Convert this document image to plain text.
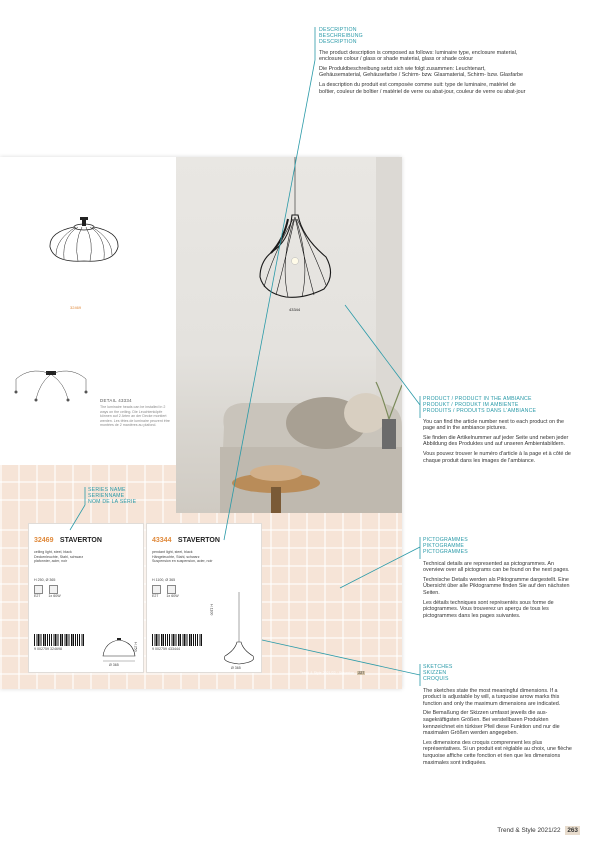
DESCRIPTION
BESCHREIBUNG
DESCRIPTION

The product description is composed as follows: luminaire type, enclosure material, enclosure colour / glass or shade material, glass or shade colour

Die Produktbeschreibung setzt sich wie folgt zusammen: Leuchtenart, Gehäusematerial, Gehäusefarbe / Schirm- bzw. Glasmaterial, Schirm- bzw. Glasfarbe

La description du produit est composée comme suit: type de luminaire, matériel de boîtier, couleur de boîtier / matériel de verre ou abat-jour, couleur de verre ou abat-jour

32469
DETAIL 43334
The luminaire heads can be installed in 2 ways on the ceiling. Die Leuchtenköpfe können auf 2 Arten an der Decke montiert werden. Les têtes de luminaire peuvent être montées de 2 manières au plafond.
43344
32469 STAVERTON
ceiling light, steel, black
Deckenleuchte, Stahl, schwarz
plafonnier, acier, noir
H 250, Ø 365
E27 1x 60W
9 002759 324698
Ø 365
H 250
43344 STAVERTON
pendant light, steel, black
Hängeleuchte, Stahl, schwarz
Suspension en suspension, acier, noir
H 1100, Ø 365
E27 1x 60W
9 002759 433444
Ø 365
H 1100
Trend & Style 2021/22 · Staverton 227
SERIES NAME
SERIENNAME
NOM DE LA SÉRIE
PRODUCT / PRODUCT IN THE AMBIANCE
PRODUKT / PRODUKT IM AMBIENTE
PRODUITS / PRODUITS DANS L'AMBIANCE

You can find the article number next to each product on the page and in the ambiance pictures.

Sie finden die Artikelnummer auf jeder Seite und neben jeder Abbildung des Produktes und auf unseren Ambientabildern.

Vous pouvez trouver le numéro d'article à la page et à côté de chaque produit dans les images de l'ambiance.

PICTOGRAMMES
PIKTOGRAMME
PICTOGRAMMES

Technical details are represented as pictogrammes. An overview over all pictograms can be found on the next pages.

Technische Details werden als Piktogramme dargestellt. Eine Übersicht über alle Piktogramme finden Sie auf den nächsten Seiten.

Les détails techniques sont représentés sous forme de pictogrammes. Vous trouverez un aperçu de tous les pictogrammes dans les pages suivantes.

SKETCHES
SKIZZEN
CROQUIS

The sketches state the most meaningful dimensions. If a product is adjustable by will, a turquoise arrow marks this function and only the maximum dimensions are indicated.

Die Bemaßung der Skizzen umfasst jeweils die aus-sagekräftigsten Größen. Bei verstellbaren Produkten kennzeichnet ein türkiser Pfeil diese Funktion und nur die maximalen Größen werden angegeben.

Les dimensions des croquis comprennent les plus représentatives. Si un produit est réglable au choix, une flèche turquoise affiche cette fonction et rien que les dimensions maximales sont indiquées.

Trend & Style 2021/22 263
